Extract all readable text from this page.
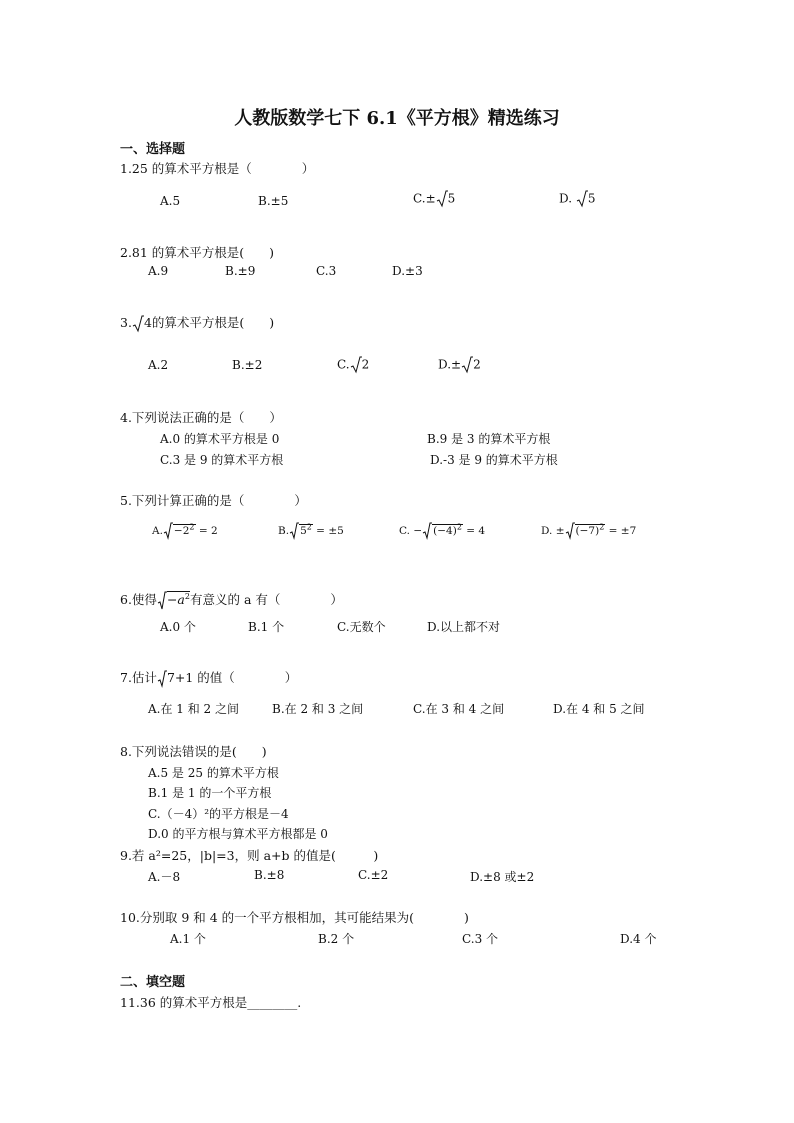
人教版数学七下 6.1《平方根》精选练习
一、选择题
1.25 的算术平方根是（　　　　）
A.5	B.±5	C.± 5	D. 5
2.81 的算术平方根是(　　)
A.9	B.±9	C.3	D.±3
3. 4的算术平方根是(　　)
A.2	B.±2	C. 2	D.± 2
4.下列说法正确的是（　　）
A.0 的算术平方根是 0	B.9 是 3 的算术平方根
C.3 是 9 的算术平方根	D.-3 是 9 的算术平方根
5.下列计算正确的是（　　　　）
A. $-2^2 = 2$	B. $5^2 = \pm 5$	C. − $(-4)^2 = 4$	D. ± $(-7)^2 = \pm 7$
6.使得 $-a^2$有意义的 a 有（　　　　）
A.0 个	B.1 个	C.无数个	D.以上都不对
7.估计 7+1 的值（　　　　）
A.在 1 和 2 之间	B.在 2 和 3 之间	C.在 3 和 4 之间	D.在 4 和 5 之间
8.下列说法错误的是(　　)
A.5 是 25 的算术平方根
B.1 是 1 的一个平方根
C.（－4）²的平方根是－4
D.0 的平方根与算术平方根都是 0
9.若 a²=25，|b|=3，则 a+b 的值是(　　　)
A.－8	B.±8	C.±2	D.±8 或±2
10.分别取 9 和 4 的一个平方根相加，其可能结果为(　　　　)
A.1 个	B.2 个	C.3 个	D.4 个
二、填空题
11.36 的算术平方根是________.
